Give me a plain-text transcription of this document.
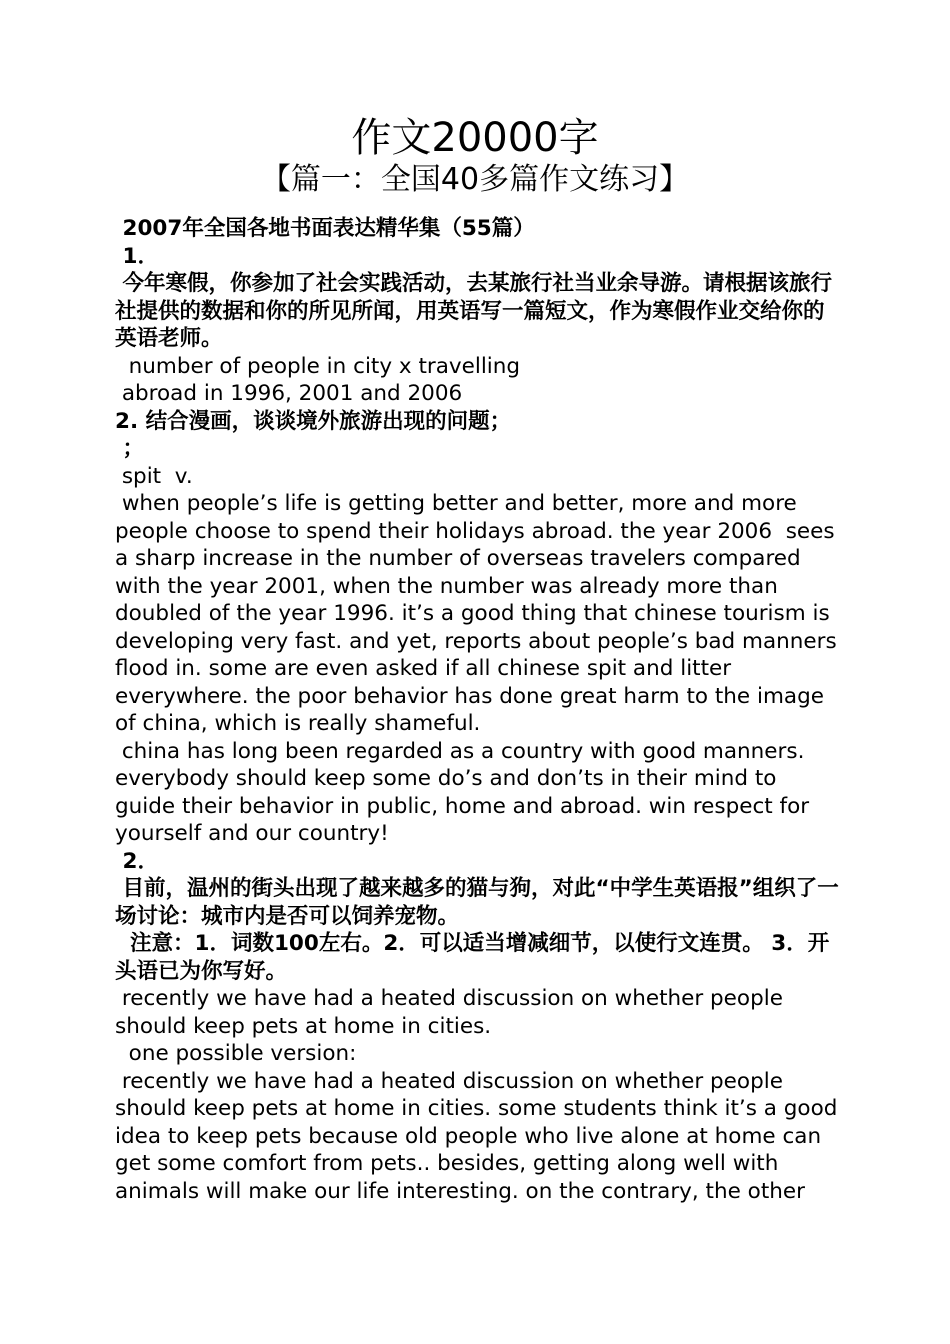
作文20000字
【篇一：全国40多篇作文练习】

2007年全国各地书面表达精华集（55篇）

1．

今年寒假，你参加了社会实践活动，去某旅行社当业余导游。请根据该旅行社提供的数据和你的所见所闻，用英语写一篇短文，作为寒假作业交给你的英语老师。

number of people in city x travelling

abroad in 1996, 2001 and 2006

2. 结合漫画，谈谈境外旅游出现的问题；

；

spit  v.

when people’s life is getting better and better, more and more people choose to spend their holidays abroad. the year 2006  sees a sharp increase in the number of overseas travelers compared with the year 2001, when the number was already more than doubled of the year 1996. it’s a good thing that chinese tourism is developing very fast. and yet, reports about people’s bad manners flood in. some are even asked if all chinese spit and litter everywhere. the poor behavior has done great harm to the image of china, which is really shameful.

china has long been regarded as a country with good manners. everybody should keep some do’s and don’ts in their mind to guide their behavior in public, home and abroad. win respect for yourself and our country!

2．

目前，温州的街头出现了越来越多的猫与狗，对此“中学生英语报”组织了一场讨论：城市内是否可以饲养宠物。

注意：1．词数100左右。2．可以适当增减细节，以使行文连贯。 3．开头语已为你写好。

recently we have had a heated discussion on whether people should keep pets at home in cities.

one possible version:

recently we have had a heated discussion on whether people should keep pets at home in cities. some students think it’s a good idea to keep pets because old people who live alone at home can get some comfort from pets.. besides, getting along well with animals will make our life interesting. on the contrary, the other
